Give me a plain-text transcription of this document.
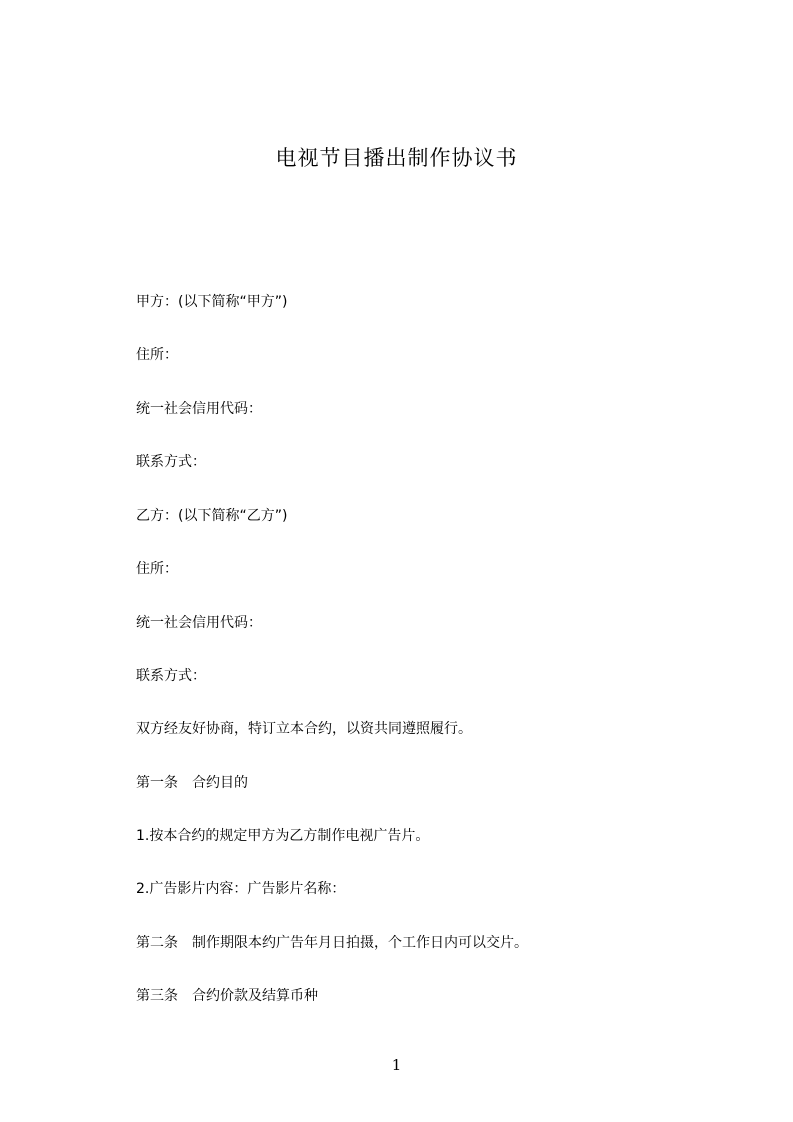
电视节目播出制作协议书
甲方：(以下简称“甲方”)
住所：
统一社会信用代码：
联系方式：
乙方：(以下简称“乙方”)
住所：
统一社会信用代码：
联系方式：
双方经友好协商，特订立本合约，以资共同遵照履行。
第一条　合约目的
1.按本合约的规定甲方为乙方制作电视广告片。
2.广告影片内容：广告影片名称：
第二条　制作期限本约广告年月日拍摄，个工作日内可以交片。
第三条　合约价款及结算币种
1
